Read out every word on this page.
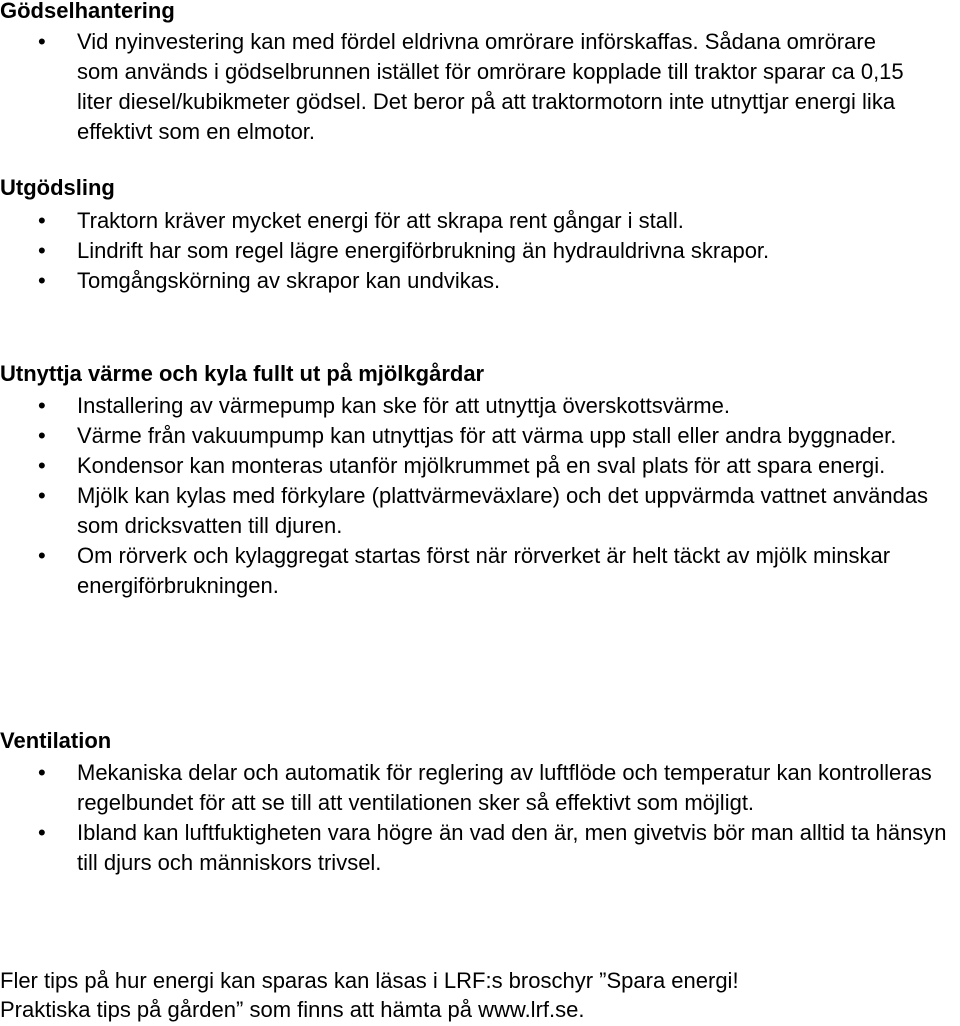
Gödselhantering
• Vid nyinvestering kan med fördel eldrivna omrörare införskaffas. Sådana omrörare som används i gödselbrunnen istället för omrörare kopplade till traktor sparar ca 0,15 liter diesel/kubikmeter gödsel. Det beror på att traktormotorn inte utnyttjar energi lika effektivt som en elmotor.
Utgödsling
• Traktorn kräver mycket energi för att skrapa rent gångar i stall.
• Lindrift har som regel lägre energiförbrukning än hydrauldrivna skrapor.
• Tomgångskörning av skrapor kan undvikas.
Utnyttja värme och kyla fullt ut på mjölkgårdar
• Installering av värmepump kan ske för att utnyttja överskottsvärme.
• Värme från vakuumpump kan utnyttjas för att värma upp stall eller andra byggnader.
• Kondensor kan monteras utanför mjölkrummet på en sval plats för att spara energi.
• Mjölk kan kylas med förkylare (plattvärmeväxlare) och det uppvärmda vattnet användas som dricksvatten till djuren.
• Om rörverk och kylaggregat startas först när rörverket är helt täckt av mjölk minskar energiförbrukningen.
Ventilation
• Mekaniska delar och automatik för reglering av luftflöde och temperatur kan kontrolleras regelbundet för att se till att ventilationen sker så effektivt som möjligt.
• Ibland kan luftfuktigheten vara högre än vad den är, men givetvis bör man alltid ta hänsyn till djurs och människors trivsel.

Fler tips på hur energi kan sparas kan läsas i LRF:s broschyr ”Spara energi!
Praktiska tips på gården” som finns att hämta på www.lrf.se.
